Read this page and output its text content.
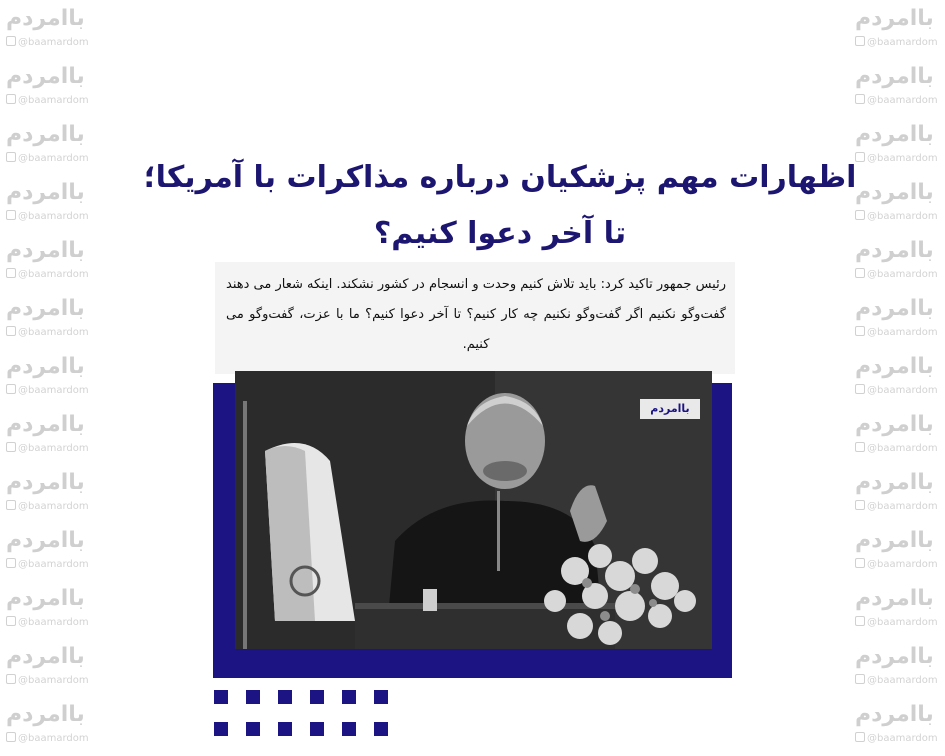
باامردم
@baamardom
باامردم
@baamardom
باامردم
@baamardom
باامردم
@baamardom
باامردم
@baamardom
باامردم
@baamardom
باامردم
@baamardom
باامردم
@baamardom
باامردم
@baamardom
باامردم
@baamardom
باامردم
@baamardom
باامردم
@baamardom
باامردم
@baamardom
باامردم
@baamardom
باامردم
@baamardom
باامردم
@baamardom
باامردم
@baamardom
باامردم
@baamardom
باامردم
@baamardom
باامردم
@baamardom
باامردم
@baamardom
باامردم
@baamardom
باامردم
@baamardom
باامردم
@baamardom
باامردم
@baamardom
باامردم
@baamardom
اظهارات مهم پزشکیان درباره مذاکرات با آمریکا؛
تا آخر دعوا کنیم؟
رئیس جمهور تاکید کرد: باید تلاش کنیم وحدت و انسجام در کشور نشکند. اینکه شعار می دهند گفت‌وگو نکنیم اگر گفت‌وگو نکنیم چه کار کنیم؟ تا آخر دعوا کنیم؟ ما با عزت، گفت‌وگو می کنیم.
باامردم
